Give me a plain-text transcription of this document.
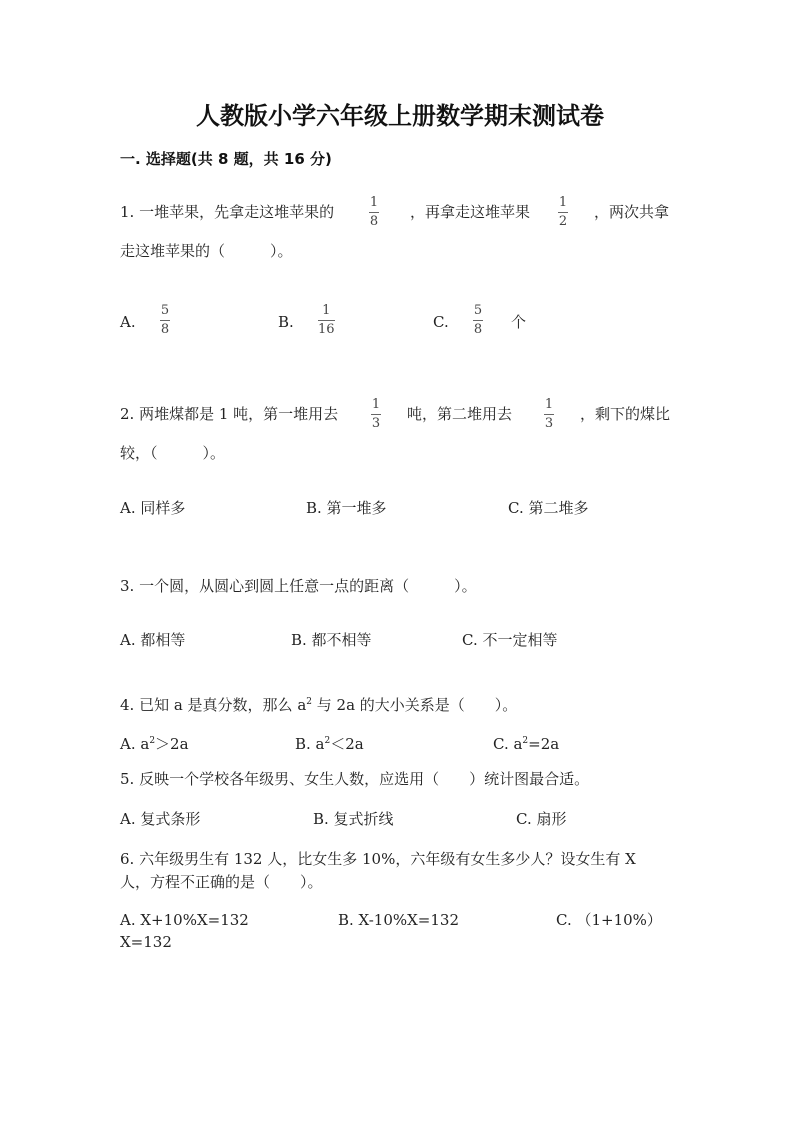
人教版小学六年级上册数学期末测试卷
一. 选择题(共 8 题，共 16 分)
1. 一堆苹果，先拿走这堆苹果的
1
8
，再拿走这堆苹果
1
2
，两次共拿
走这堆苹果的（　　　）。
A.
5
8	B.
1
16	C.
5
8 个
2. 两堆煤都是 1 吨，第一堆用去
1
3
吨，第二堆用去
1
3
，剩下的煤比
较，（　　　）。
A. 同样多	B. 第一堆多	C. 第二堆多
3. 一个圆，从圆心到圆上任意一点的距离（　　　）。
A. 都相等	B. 都不相等	C. 不一定相等
4. 已知 a 是真分数，那么 $a^2$ 与 2a 的大小关系是（　　）。
A. $a^2>2a$	B. $a^2<2a$	C. $a^2=2a$
5. 反映一个学校各年级男、女生人数，应选用（　　）统计图最合适。
A. 复式条形	B. 复式折线	C. 扇形
6. 六年级男生有 132 人，比女生多 10%，六年级有女生多少人？设女生有 X
人，方程不正确的是（　　）。
A. X+10%X=132	B. X-10%X=132	C. （1+10%）
X=132
